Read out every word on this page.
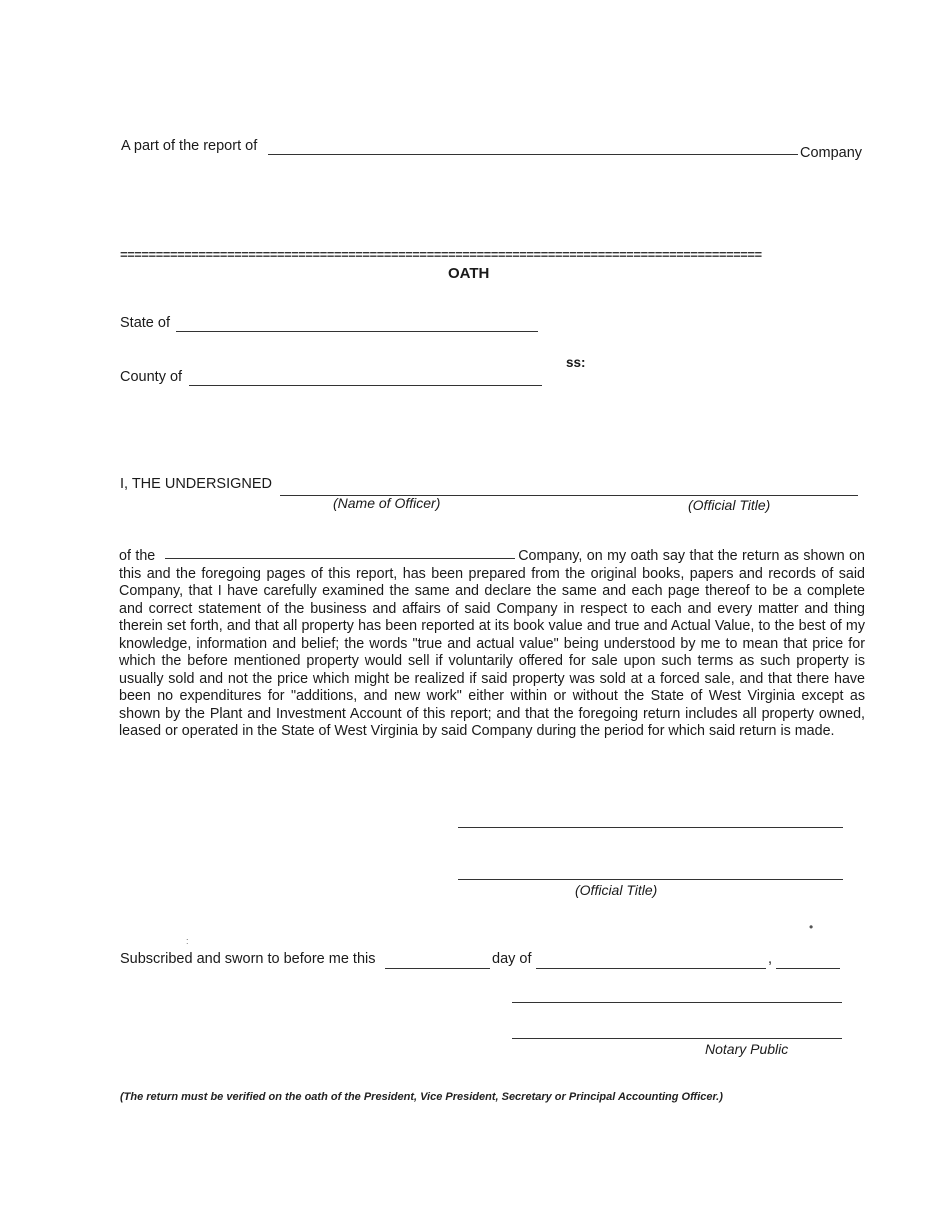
A part of the report of	Company
==========================================================================================
OATH
State of
ss:
County of
I, THE UNDERSIGNED
(Name of Officer)	(Official Title)
of the	Company, on my oath say that the return as shown on this and the foregoing pages of this report, has been prepared from the original books, papers and records of said Company, that I have carefully examined the same and declare the same and each page thereof to be a complete and correct statement of the business and affairs of said Company in respect to each and every matter and thing therein set forth, and that all property has been reported at its book value and true and Actual Value, to the best of my knowledge, information and belief; the words "true and actual value" being understood by me to mean that price for which the before mentioned property would sell if voluntarily offered for sale upon such terms as such property is usually sold and not the price which might be realized if said property was sold at a forced sale, and that there have been no expenditures for "additions, and new work" either within or without the State of West Virginia except as shown by the Plant and Investment Account of this report; and that the foregoing return includes all property owned, leased or operated in the State of West Virginia by said Company during the period for which said return is made.
(Official Title)
•
:
Subscribed and sworn to before me this	day of	,
Notary Public
(The return must be verified on the oath of the President, Vice President, Secretary or Principal Accounting Officer.)
